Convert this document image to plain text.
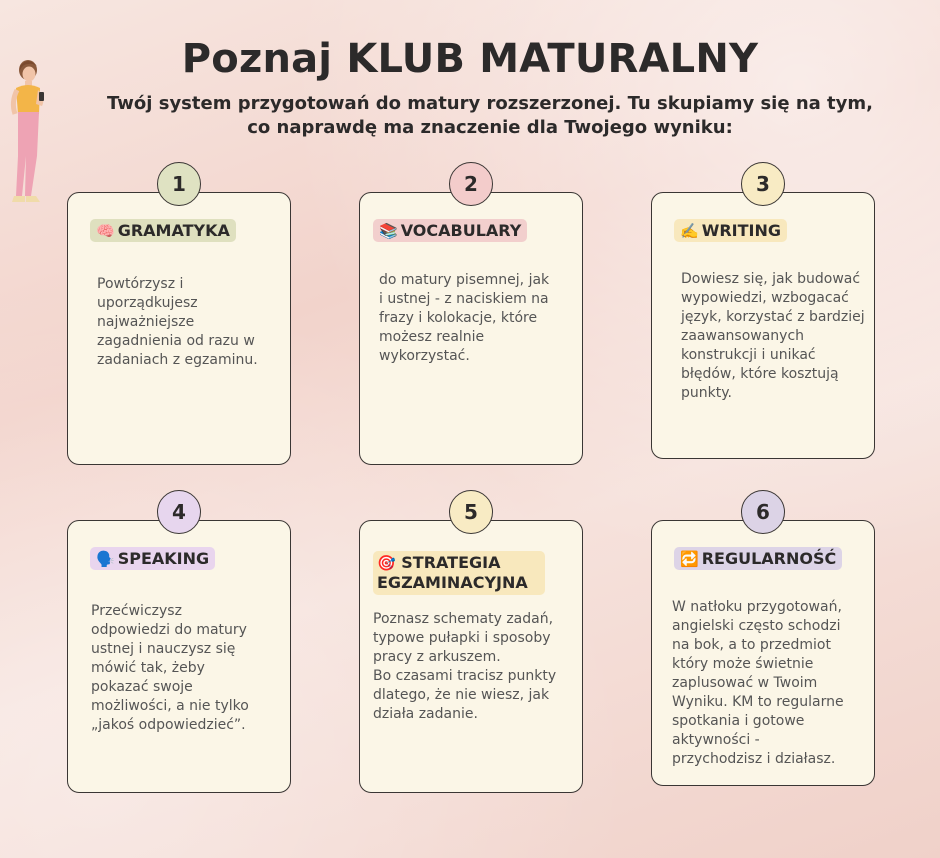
Poznaj KLUB MATURALNY
Twój system przygotowań do matury rozszerzonej. Tu skupiamy się na tym, co naprawdę ma znaczenie dla Twojego wyniku:
🧠 GRAMATYKA
Powtórzysz i
uporządkujesz
najważniejsze
zagadnienia od razu w
zadaniach z egzaminu.
1
📚 VOCABULARY
do matury pisemnej, jak
i ustnej - z naciskiem na
frazy i kolokacje, które
możesz realnie
wykorzystać.
2
✍️ WRITING
Dowiesz się, jak budować
wypowiedzi, wzbogacać
język, korzystać z bardziej
zaawansowanych
konstrukcji i unikać
błędów, które kosztują
punkty.
3
🗣️ SPEAKING
Przećwiczysz
odpowiedzi do matury
ustnej i nauczysz się
mówić tak, żeby
pokazać swoje
możliwości, a nie tylko
„jakoś odpowiedzieć”.
4
🎯 STRATEGIA EGZAMINACYJNA
Poznasz schematy zadań,
typowe pułapki i sposoby
pracy z arkuszem.
Bo czasami tracisz punkty
dlatego, że nie wiesz, jak
działa zadanie.
5
🔁 REGULARNOŚĆ
W natłoku przygotowań,
angielski często schodzi
na bok, a to przedmiot
który może świetnie
zaplusować w Twoim
Wyniku. KM to regularne
spotkania i gotowe
aktywności -
przychodzisz i działasz.
6
